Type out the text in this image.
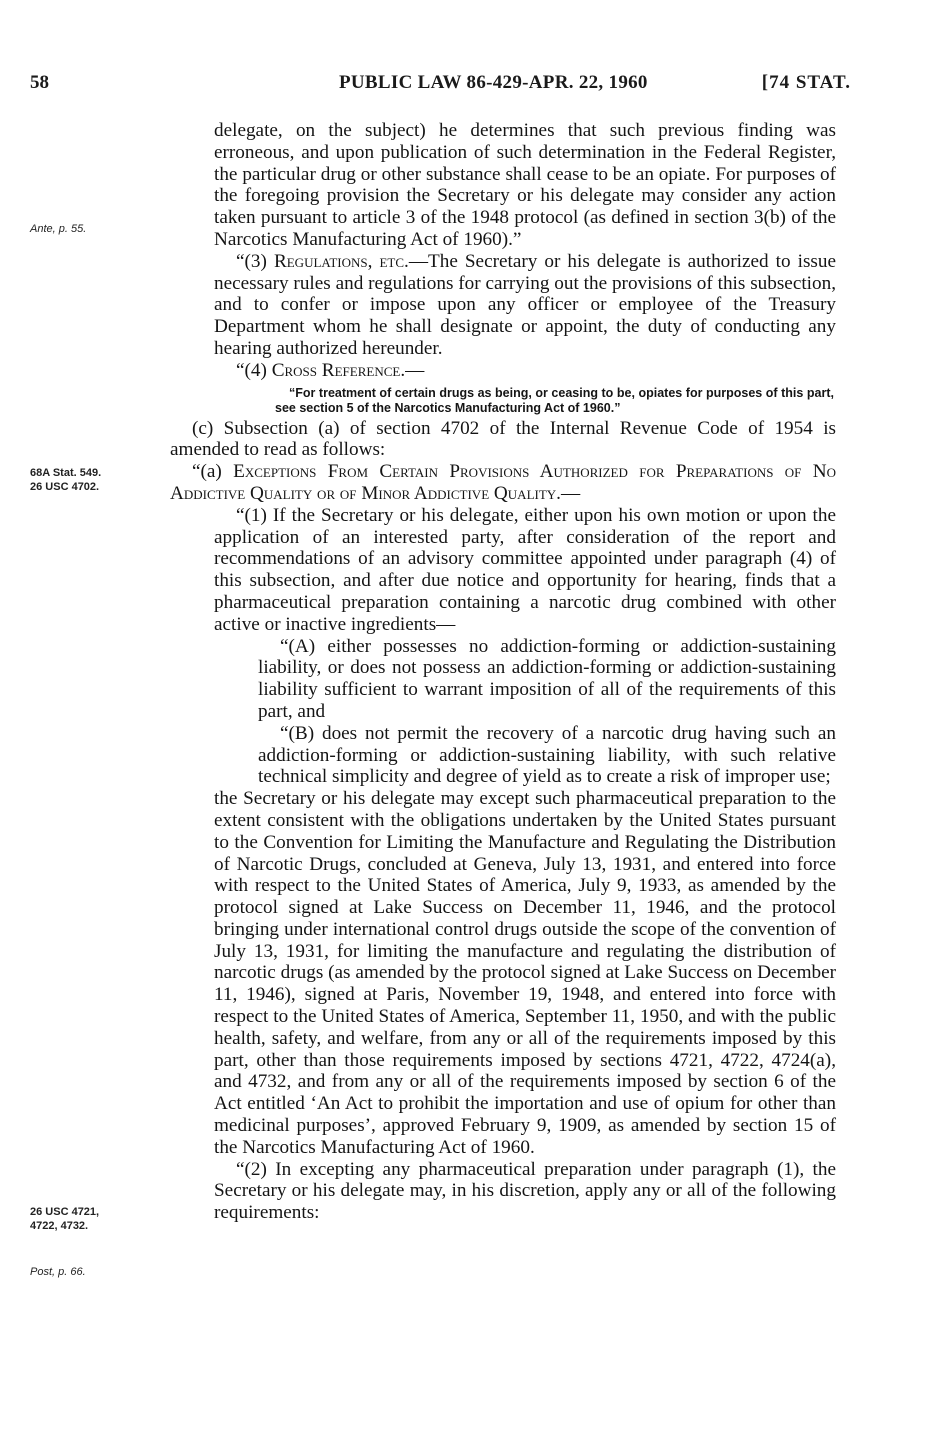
58	PUBLIC LAW 86-429-APR. 22, 1960	[74 STAT.
Ante, p. 55.
68A Stat. 549.
26 USC 4702.
26 USC 4721,
4722, 4732.
Post, p. 66.

delegate, on the subject) he determines that such previous finding was erroneous, and upon publication of such determination in the Federal Register, the particular drug or other substance shall cease to be an opiate. For purposes of the foregoing provision the Secretary or his delegate may consider any action taken pursuant to article 3 of the 1948 protocol (as defined in section 3(b) of the Narcotics Manufacturing Act of 1960).”

“(3) Regulations, etc.—The Secretary or his delegate is authorized to issue necessary rules and regulations for carrying out the provisions of this subsection, and to confer or impose upon any officer or employee of the Treasury Department whom he shall designate or appoint, the duty of conducting any hearing authorized hereunder.

“(4) Cross Reference.—

“For treatment of certain drugs as being, or ceasing to be, opiates for purposes of this part, see section 5 of the Narcotics Manufacturing Act of 1960.”

(c) Subsection (a) of section 4702 of the Internal Revenue Code of 1954 is amended to read as follows:

“(a) Exceptions From Certain Provisions Authorized for Preparations of No Addictive Quality or of Minor Addictive Quality.—

“(1) If the Secretary or his delegate, either upon his own motion or upon the application of an interested party, after consideration of the report and recommendations of an advisory committee appointed under paragraph (4) of this subsection, and after due notice and opportunity for hearing, finds that a pharmaceutical preparation containing a narcotic drug combined with other active or inactive ingredients—

“(A) either possesses no addiction-forming or addiction-sustaining liability, or does not possess an addiction-forming or addiction-sustaining liability sufficient to warrant imposition of all of the requirements of this part, and

“(B) does not permit the recovery of a narcotic drug having such an addiction-forming or addiction-sustaining liability, with such relative technical simplicity and degree of yield as to create a risk of improper use;

the Secretary or his delegate may except such pharmaceutical preparation to the extent consistent with the obligations undertaken by the United States pursuant to the Convention for Limiting the Manufacture and Regulating the Distribution of Narcotic Drugs, concluded at Geneva, July 13, 1931, and entered into force with respect to the United States of America, July 9, 1933, as amended by the protocol signed at Lake Success on December 11, 1946, and the protocol bringing under international control drugs outside the scope of the convention of July 13, 1931, for limiting the manufacture and regulating the distribution of narcotic drugs (as amended by the protocol signed at Lake Success on December 11, 1946), signed at Paris, November 19, 1948, and entered into force with respect to the United States of America, September 11, 1950, and with the public health, safety, and welfare, from any or all of the requirements imposed by this part, other than those requirements imposed by sections 4721, 4722, 4724(a), and 4732, and from any or all of the requirements imposed by section 6 of the Act entitled ‘An Act to prohibit the importation and use of opium for other than medicinal purposes’, approved February 9, 1909, as amended by section 15 of the Narcotics Manufacturing Act of 1960.

“(2) In excepting any pharmaceutical preparation under paragraph (1), the Secretary or his delegate may, in his discretion, apply any or all of the following requirements:
